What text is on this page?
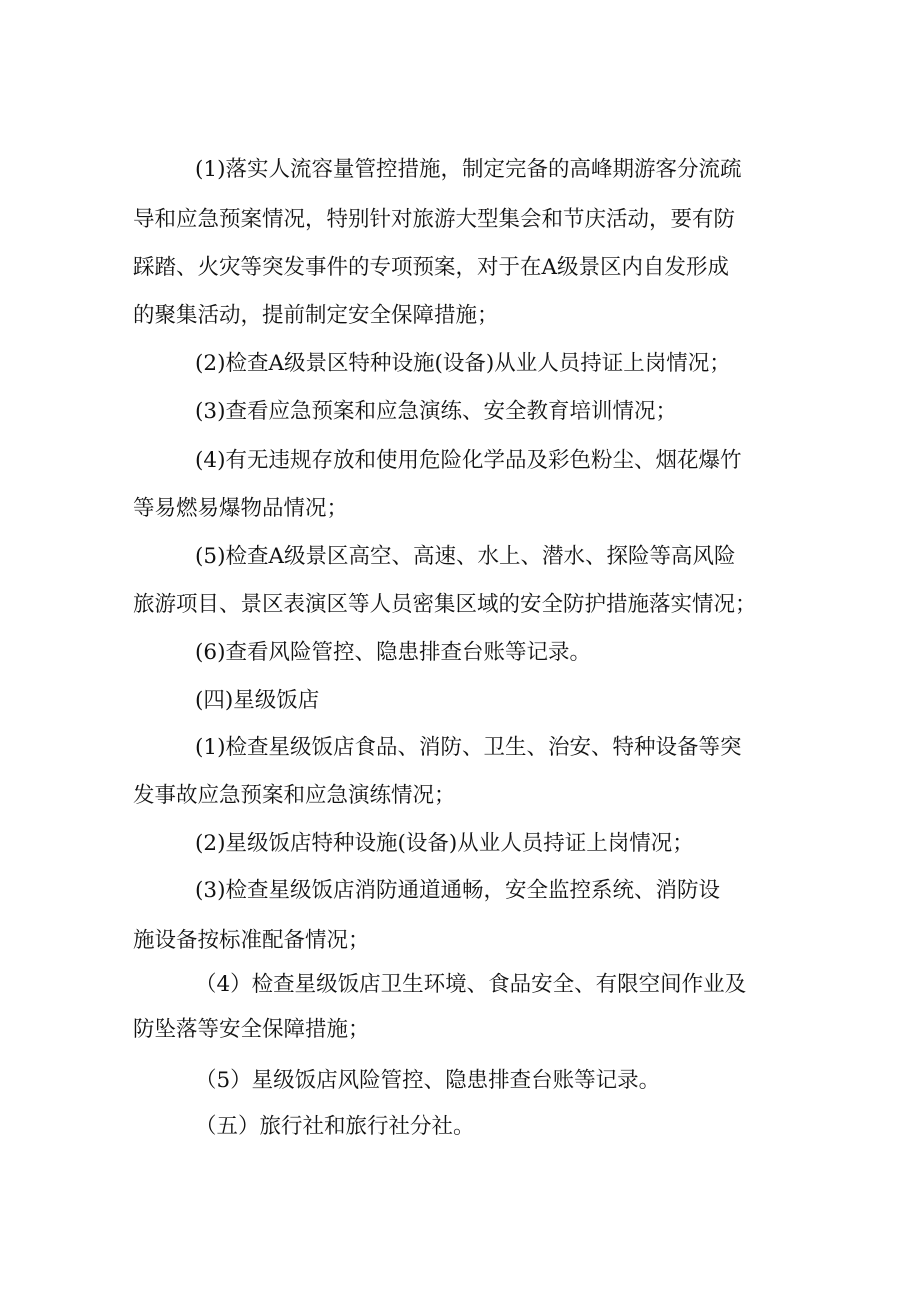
(1)落实人流容量管控措施，制定完备的高峰期游客分流疏
导和应急预案情况，特别针对旅游大型集会和节庆活动，要有防
踩踏、火灾等突发事件的专项预案，对于在A级景区内自发形成
的聚集活动，提前制定安全保障措施；
(2)检查A级景区特种设施(设备)从业人员持证上岗情况；
(3)查看应急预案和应急演练、安全教育培训情况；
(4)有无违规存放和使用危险化学品及彩色粉尘、烟花爆竹
等易燃易爆物品情况；
(5)检查A级景区高空、高速、水上、潜水、探险等高风险
旅游项目、景区表演区等人员密集区域的安全防护措施落实情况；
(6)查看风险管控、隐患排查台账等记录。
(四)星级饭店
(1)检查星级饭店食品、消防、卫生、治安、特种设备等突
发事故应急预案和应急演练情况；
(2)星级饭店特种设施(设备)从业人员持证上岗情况；
(3)检查星级饭店消防通道通畅，安全监控系统、消防设
施设备按标准配备情况；
（4）检查星级饭店卫生环境、食品安全、有限空间作业及
防坠落等安全保障措施；
（5）星级饭店风险管控、隐患排查台账等记录。
（五）旅行社和旅行社分社。
